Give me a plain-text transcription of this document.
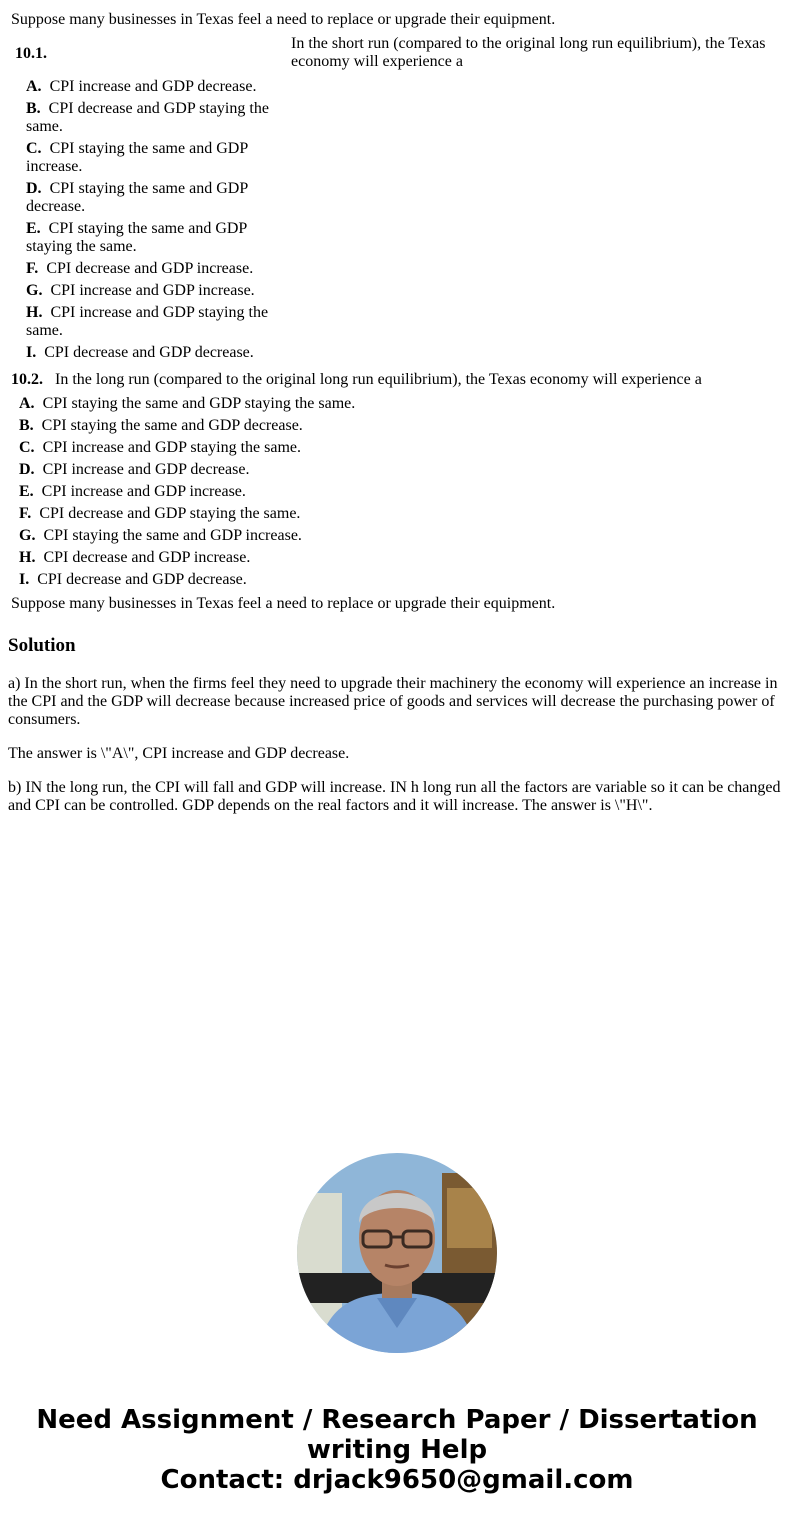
Suppose many businesses in Texas feel a need to replace or upgrade their equipment.
10.1.
In the short run (compared to the original long run equilibrium), the Texas economy will experience a
A. CPI increase and GDP decrease.
B. CPI decrease and GDP staying the same.
C. CPI staying the same and GDP increase.
D. CPI staying the same and GDP decrease.
E. CPI staying the same and GDP staying the same.
F. CPI decrease and GDP increase.
G. CPI increase and GDP increase.
H. CPI increase and GDP staying the same.
I. CPI decrease and GDP decrease.
10.2. In the long run (compared to the original long run equilibrium), the Texas economy will experience a
A. CPI staying the same and GDP staying the same.
B. CPI staying the same and GDP decrease.
C. CPI increase and GDP staying the same.
D. CPI increase and GDP decrease.
E. CPI increase and GDP increase.
F. CPI decrease and GDP staying the same.
G. CPI staying the same and GDP increase.
H. CPI decrease and GDP increase.
I. CPI decrease and GDP decrease.
Suppose many businesses in Texas feel a need to replace or upgrade their equipment.
Solution
a) In the short run, when the firms feel they need to upgrade their machinery the economy will experience an increase in the CPI and the GDP will decrease because increased price of goods and services will decrease the purchasing power of consumers.
The answer is \"A\", CPI increase and GDP decrease.
b) IN the long run, the CPI will fall and GDP will increase. IN h long run all the factors are variable so it can be changed and CPI can be controlled. GDP depends on the real factors and it will increase. The answer is \"H\".
Need Assignment / Research Paper / Dissertation
writing Help
Contact: drjack9650@gmail.com
